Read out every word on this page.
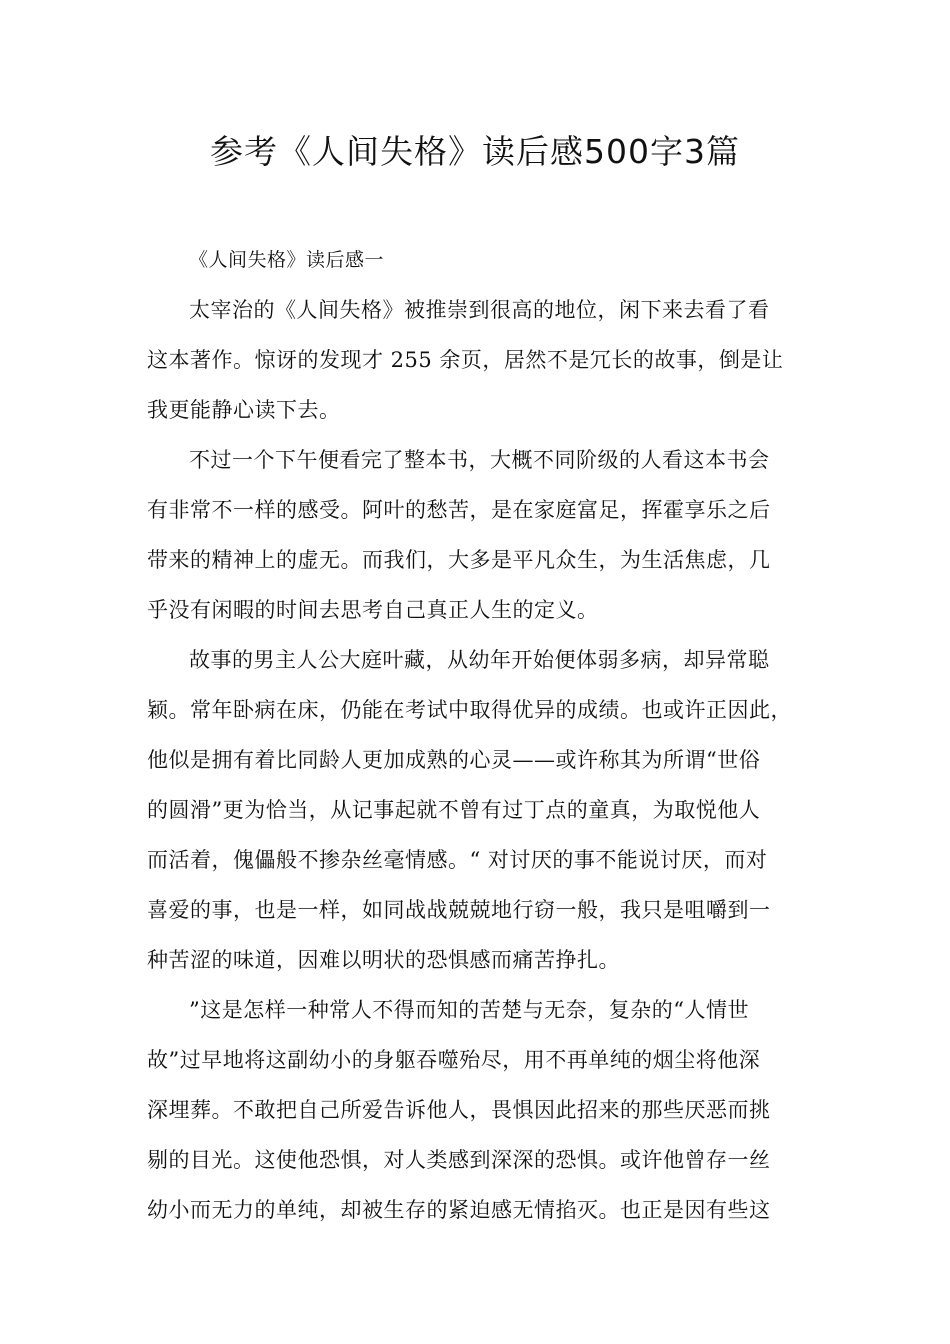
参考《人间失格》读后感500字3篇
《人间失格》读后感一
太宰治的《人间失格》被推崇到很高的地位，闲下来去看了看
这本著作。惊讶的发现才 255 余页，居然不是冗长的故事，倒是让
我更能静心读下去。
不过一个下午便看完了整本书，大概不同阶级的人看这本书会
有非常不一样的感受。阿叶的愁苦，是在家庭富足，挥霍享乐之后
带来的精神上的虚无。而我们，大多是平凡众生，为生活焦虑，几
乎没有闲暇的时间去思考自己真正人生的定义。
故事的男主人公大庭叶藏，从幼年开始便体弱多病，却异常聪
颖。常年卧病在床，仍能在考试中取得优异的成绩。也或许正因此，
他似是拥有着比同龄人更加成熟的心灵——或许称其为所谓“世俗
的圆滑”更为恰当，从记事起就不曾有过丁点的童真，为取悦他人
而活着，傀儡般不掺杂丝毫情感。“ 对讨厌的事不能说讨厌，而对
喜爱的事，也是一样，如同战战兢兢地行窃一般，我只是咀嚼到一
种苦涩的味道，因难以明状的恐惧感而痛苦挣扎。
”这是怎样一种常人不得而知的苦楚与无奈，复杂的“人情世
故”过早地将这副幼小的身躯吞噬殆尽，用不再单纯的烟尘将他深
深埋葬。不敢把自己所爱告诉他人，畏惧因此招来的那些厌恶而挑
剔的目光。这使他恐惧，对人类感到深深的恐惧。或许他曾存一丝
幼小而无力的单纯，却被生存的紧迫感无情掐灭。也正是因有些这
